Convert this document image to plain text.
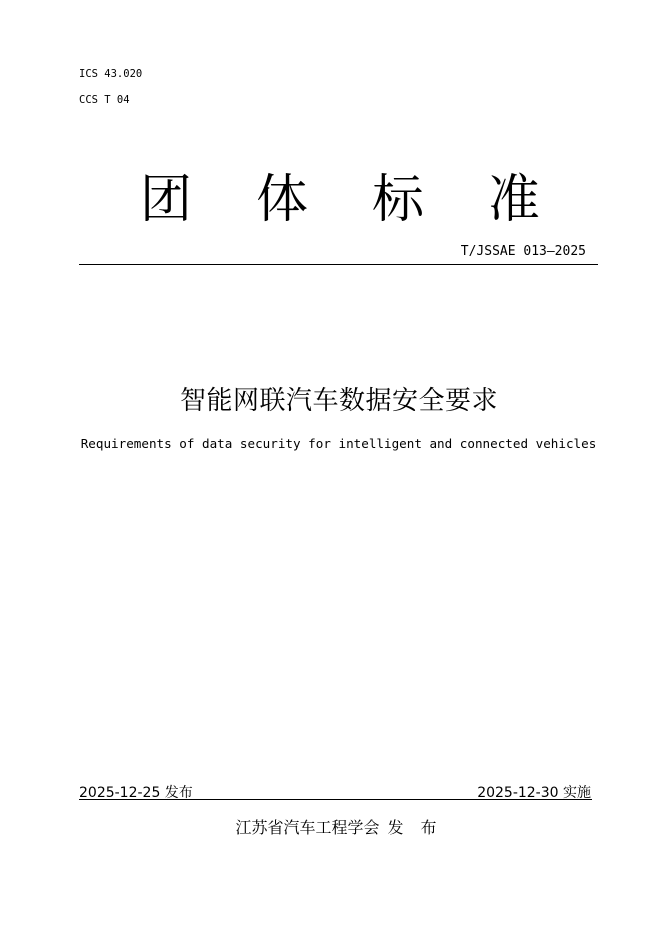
ICS 43.020
CCS T 04
团 体 标 准
T/JSSAE 013—2025
智能网联汽车数据安全要求
Requirements of data security for intelligent and connected vehicles
2025-12-25 发布	2025-12-30 实施
江苏省汽车工程学会 发 布
